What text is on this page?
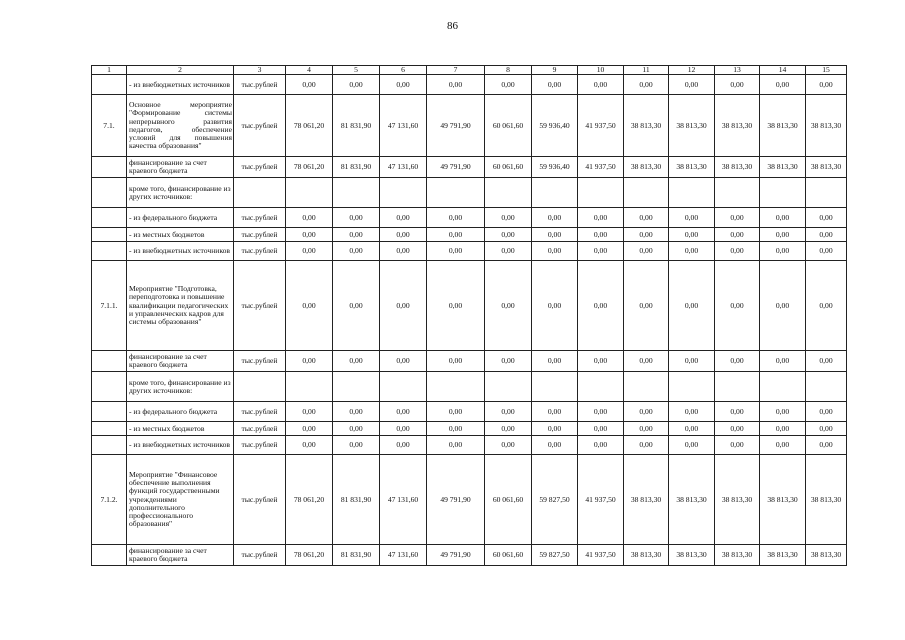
86
1	2	3	4	5	6	7	8	9	10	11	12	13	14	15
	- из внебюджетных источников	тыс.рублей	0,00	0,00	0,00	0,00	0,00	0,00	0,00	0,00	0,00	0,00	0,00	0,00
7.1.	Основное мероприятие "Формирование системы непрерывного развития педагогов, обеспечение условий для повышения качества образования"	тыс.рублей	78 061,20	81 831,90	47 131,60	49 791,90	60 061,60	59 936,40	41 937,50	38 813,30	38 813,30	38 813,30	38 813,30	38 813,30
	финансирование за счет краевого бюджета	тыс.рублей	78 061,20	81 831,90	47 131,60	49 791,90	60 061,60	59 936,40	41 937,50	38 813,30	38 813,30	38 813,30	38 813,30	38 813,30
	кроме того, финансирование из других источников:													
	- из федерального бюджета	тыс.рублей	0,00	0,00	0,00	0,00	0,00	0,00	0,00	0,00	0,00	0,00	0,00	0,00
	- из местных бюджетов	тыс.рублей	0,00	0,00	0,00	0,00	0,00	0,00	0,00	0,00	0,00	0,00	0,00	0,00
	- из внебюджетных источников	тыс.рублей	0,00	0,00	0,00	0,00	0,00	0,00	0,00	0,00	0,00	0,00	0,00	0,00
7.1.1.	Мероприятие "Подготовка, переподготовка и повышение квалификации педагогических и управленческих кадров для системы образования"	тыс.рублей	0,00	0,00	0,00	0,00	0,00	0,00	0,00	0,00	0,00	0,00	0,00	0,00
	финансирование за счет краевого бюджета	тыс.рублей	0,00	0,00	0,00	0,00	0,00	0,00	0,00	0,00	0,00	0,00	0,00	0,00
	кроме того, финансирование из других источников:													
	- из федерального бюджета	тыс.рублей	0,00	0,00	0,00	0,00	0,00	0,00	0,00	0,00	0,00	0,00	0,00	0,00
	- из местных бюджетов	тыс.рублей	0,00	0,00	0,00	0,00	0,00	0,00	0,00	0,00	0,00	0,00	0,00	0,00
	- из внебюджетных источников	тыс.рублей	0,00	0,00	0,00	0,00	0,00	0,00	0,00	0,00	0,00	0,00	0,00	0,00
7.1.2.	Мероприятие "Финансовое обеспечение выполнения функций государственными учреждениями дополнительного профессионального образования"	тыс.рублей	78 061,20	81 831,90	47 131,60	49 791,90	60 061,60	59 827,50	41 937,50	38 813,30	38 813,30	38 813,30	38 813,30	38 813,30
	финансирование за счет краевого бюджета	тыс.рублей	78 061,20	81 831,90	47 131,60	49 791,90	60 061,60	59 827,50	41 937,50	38 813,30	38 813,30	38 813,30	38 813,30	38 813,30
